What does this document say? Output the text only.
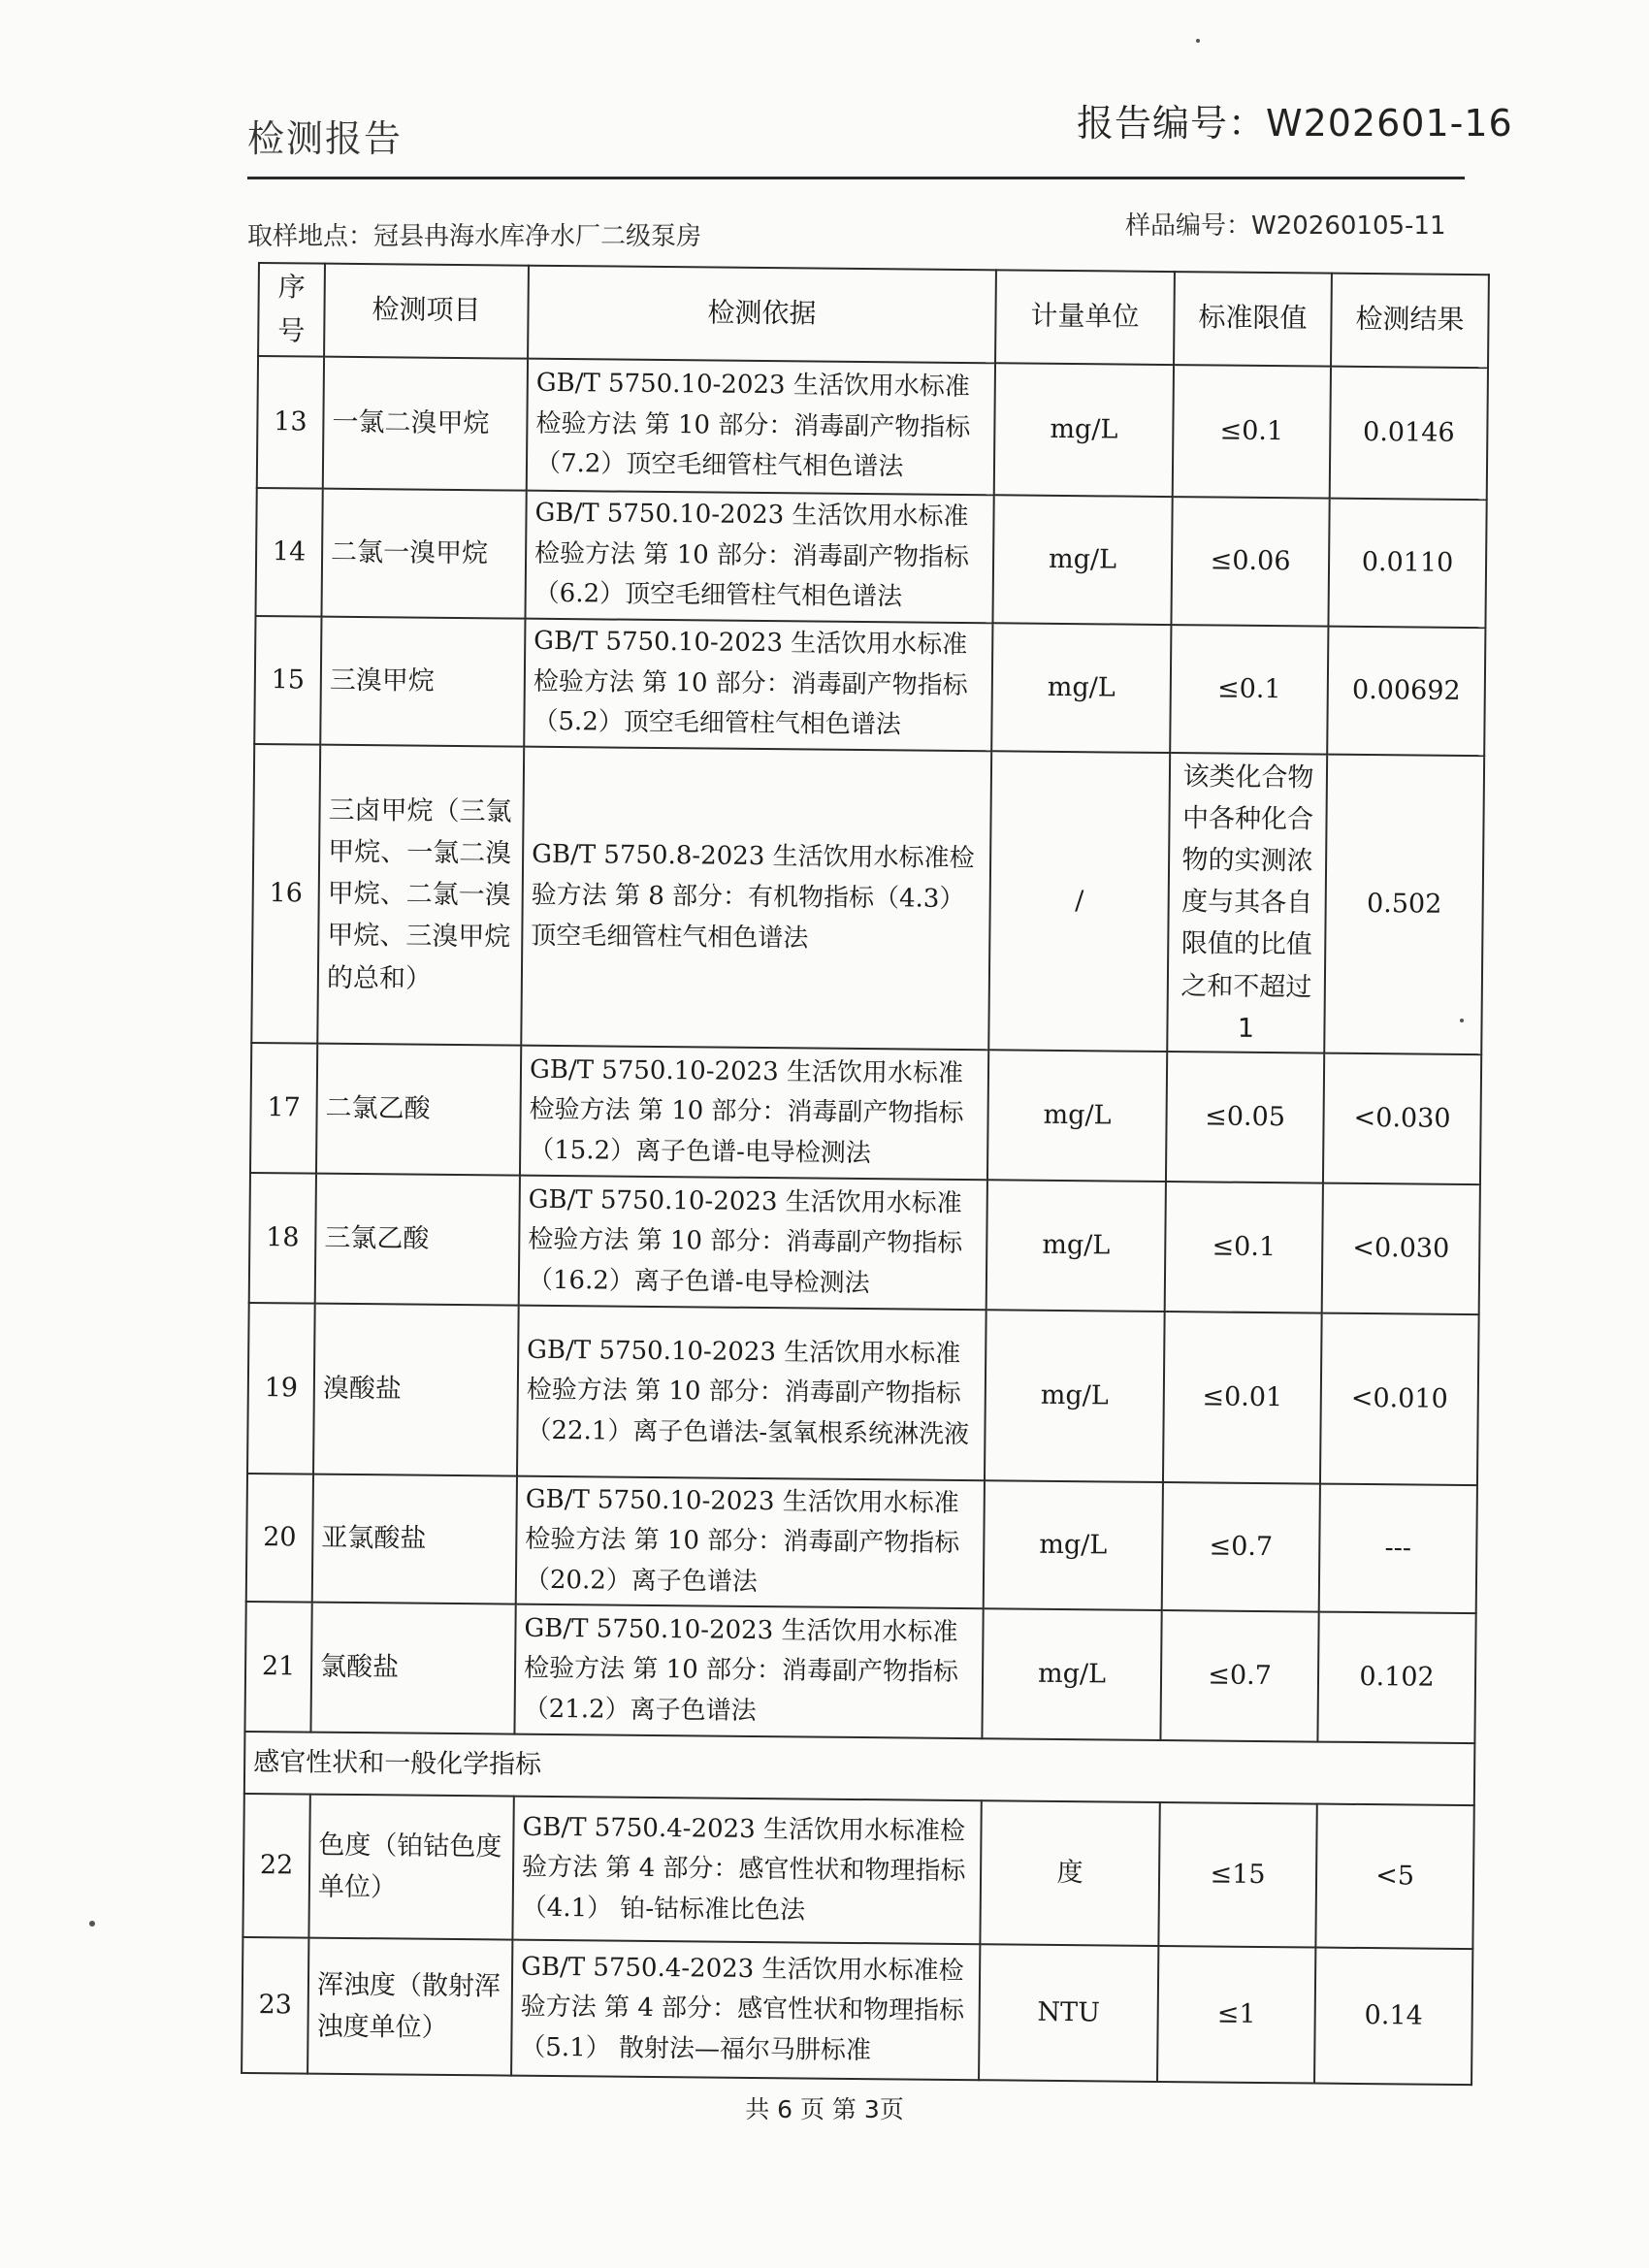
检测报告	报告编号：W202601-16
取样地点：冠县冉海水库净水厂二级泵房	样品编号：W20260105-11
序号	检测项目	检测依据	计量单位	标准限值	检测结果
13	一氯二溴甲烷	GB/T 5750.10-2023 生活饮用水标准检验方法 第 10 部分：消毒副产物指标（7.2）顶空毛细管柱气相色谱法	mg/L	≤0.1	0.0146
14	二氯一溴甲烷	GB/T 5750.10-2023 生活饮用水标准检验方法 第 10 部分：消毒副产物指标（6.2）顶空毛细管柱气相色谱法	mg/L	≤0.06	0.0110
15	三溴甲烷	GB/T 5750.10-2023 生活饮用水标准检验方法 第 10 部分：消毒副产物指标（5.2）顶空毛细管柱气相色谱法	mg/L	≤0.1	0.00692
16	三卤甲烷（三氯甲烷、一氯二溴甲烷、二氯一溴甲烷、三溴甲烷的总和）	GB/T 5750.8-2023 生活饮用水标准检验方法 第 8 部分：有机物指标（4.3）顶空毛细管柱气相色谱法	/	该类化合物中各种化合物的实测浓度与其各自限值的比值之和不超过1	0.502
17	二氯乙酸	GB/T 5750.10-2023 生活饮用水标准检验方法 第 10 部分：消毒副产物指标（15.2）离子色谱-电导检测法	mg/L	≤0.05	<0.030
18	三氯乙酸	GB/T 5750.10-2023 生活饮用水标准检验方法 第 10 部分：消毒副产物指标（16.2）离子色谱-电导检测法	mg/L	≤0.1	<0.030
19	溴酸盐	GB/T 5750.10-2023 生活饮用水标准检验方法 第 10 部分：消毒副产物指标（22.1）离子色谱法-氢氧根系统淋洗液	mg/L	≤0.01	<0.010
20	亚氯酸盐	GB/T 5750.10-2023 生活饮用水标准检验方法 第 10 部分：消毒副产物指标（20.2）离子色谱法	mg/L	≤0.7	---
21	氯酸盐	GB/T 5750.10-2023 生活饮用水标准检验方法 第 10 部分：消毒副产物指标（21.2）离子色谱法	mg/L	≤0.7	0.102
感官性状和一般化学指标					
22	色度（铂钴色度单位）	GB/T 5750.4-2023 生活饮用水标准检验方法 第 4 部分：感官性状和物理指标（4.1） 铂-钴标准比色法	度	≤15	<5
23	浑浊度（散射浑浊度单位）	GB/T 5750.4-2023 生活饮用水标准检验方法 第 4 部分：感官性状和物理指标（5.1） 散射法—福尔马肼标准	NTU	≤1	0.14
共 6 页 第 3页
